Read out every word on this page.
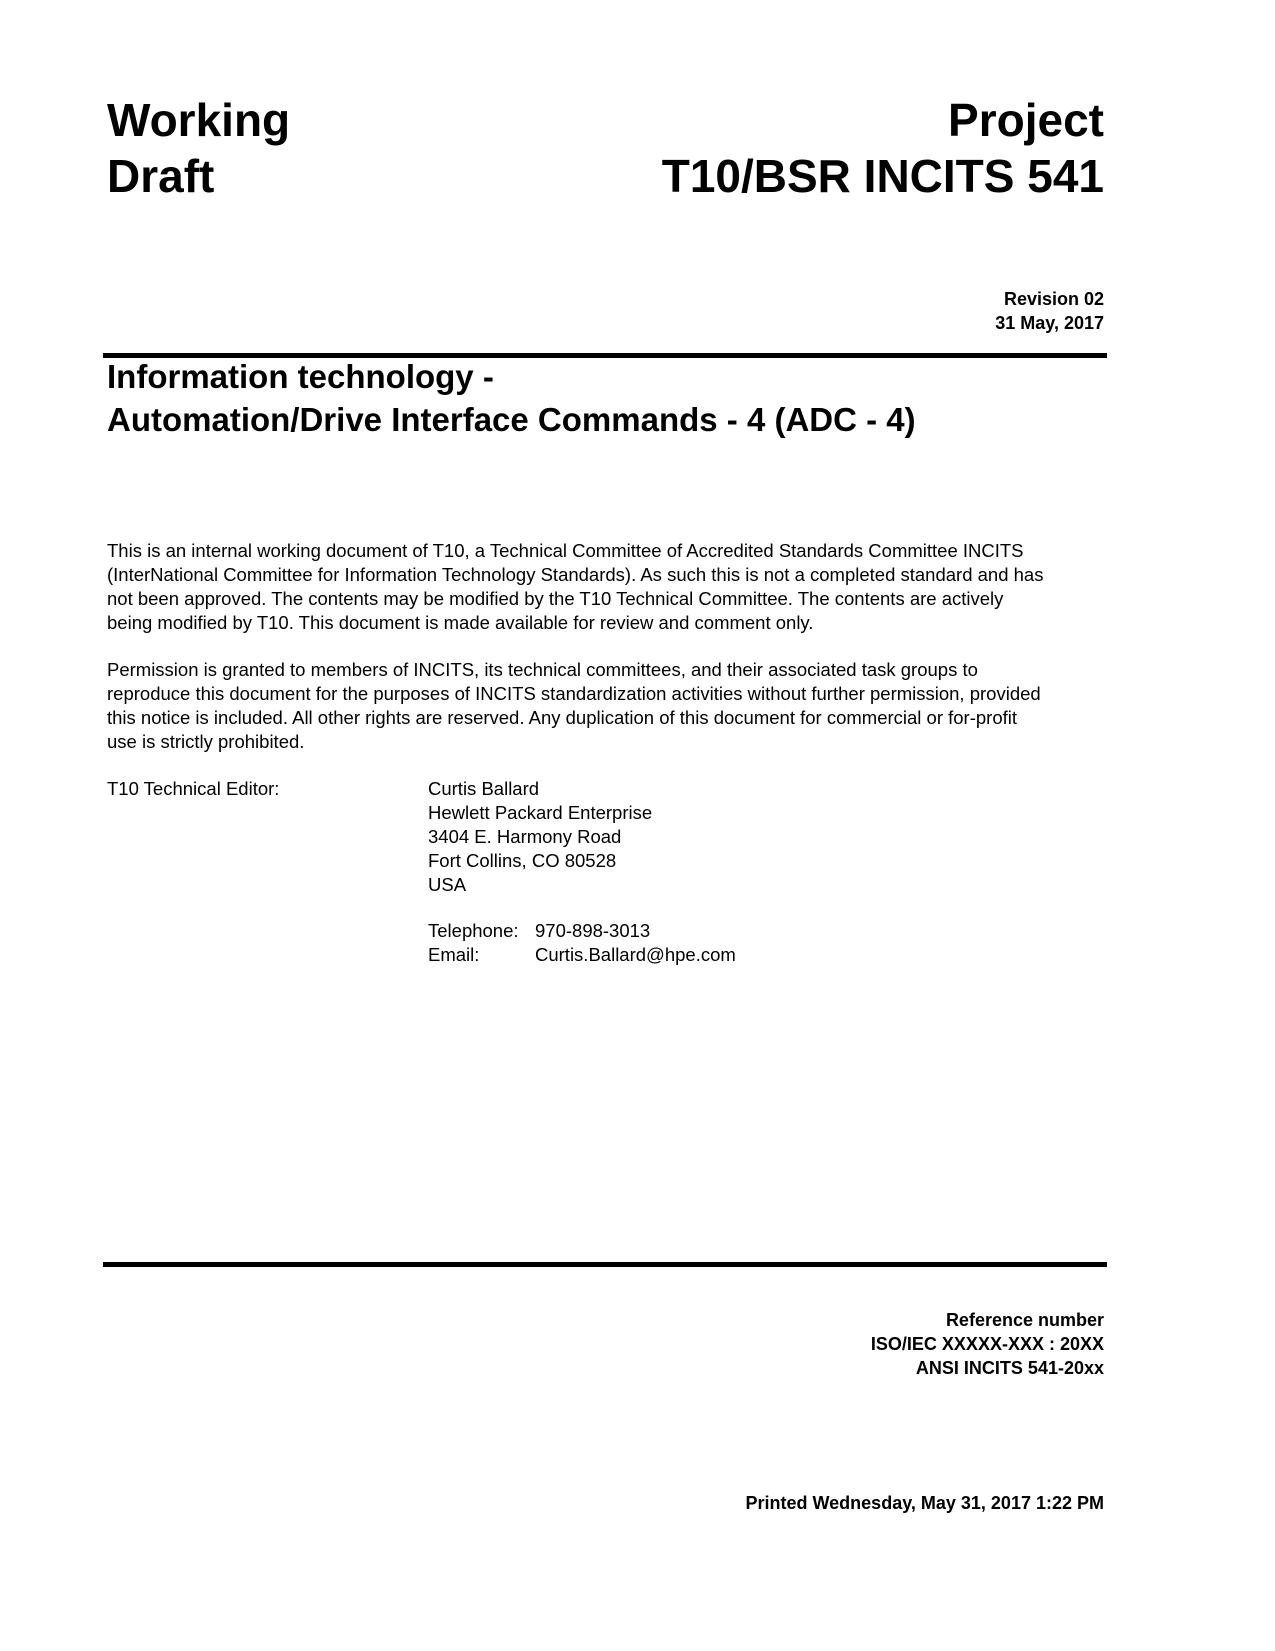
Working
Draft
Project
T10/BSR INCITS 541
Revision 02
31 May, 2017
Information technology -
Automation/Drive Interface Commands - 4 (ADC - 4)
This is an internal working document of T10, a Technical Committee of Accredited Standards Committee INCITS
(InterNational Committee for Information Technology Standards). As such this is not a completed standard and has
not been approved. The contents may be modified by the T10 Technical Committee. The contents are actively
being modified by T10. This document is made available for review and comment only.
Permission is granted to members of INCITS, its technical committees, and their associated task groups to
reproduce this document for the purposes of INCITS standardization activities without further permission, provided
this notice is included. All other rights are reserved. Any duplication of this document for commercial or for-profit
use is strictly prohibited.
T10 Technical Editor:	Curtis Ballard
Hewlett Packard Enterprise
3404 E. Harmony Road
Fort Collins, CO 80528
USA
Telephone: 970-898-3013
Email:	Curtis.Ballard@hpe.com
Reference number
ISO/IEC XXXXX-XXX : 20XX
ANSI INCITS 541-20xx
Printed Wednesday, May 31, 2017 1:22 PM
